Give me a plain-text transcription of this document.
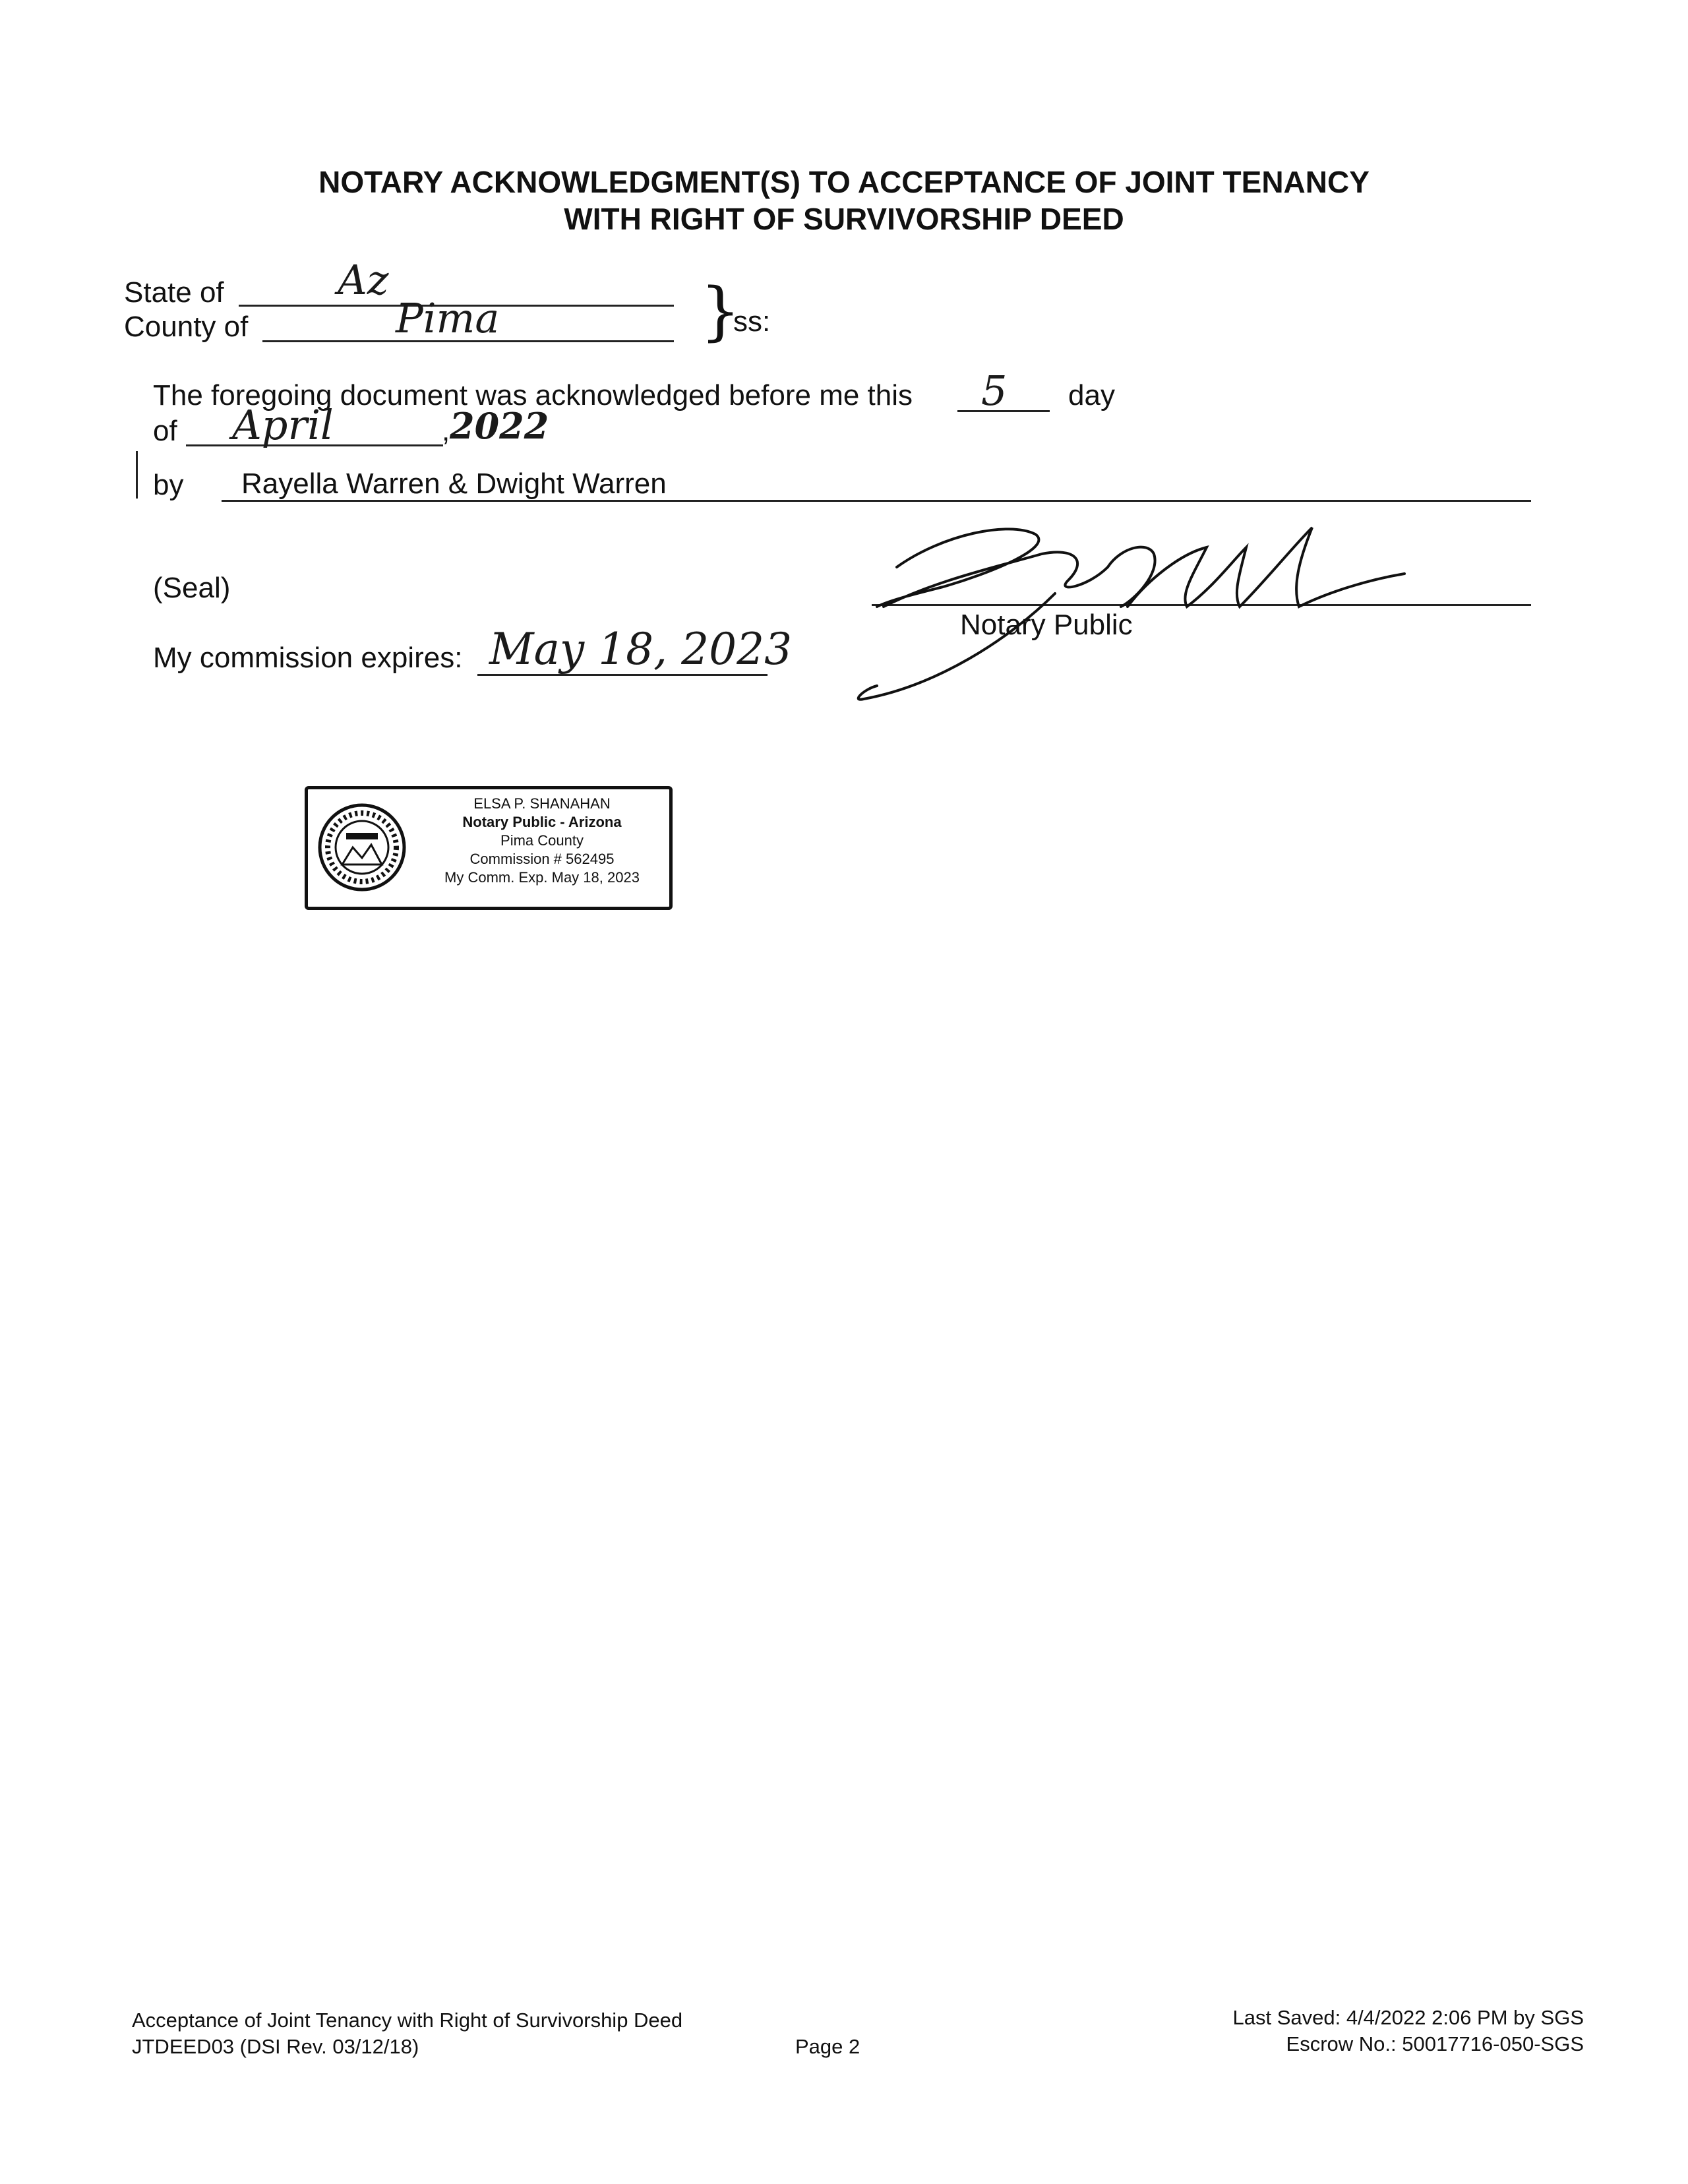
NOTARY ACKNOWLEDGMENT(S) TO ACCEPTANCE OF JOINT TENANCY
WITH RIGHT OF SURVIVORSHIP DEED
State of	Az
County of	Pima	}
ss:
The foregoing document was acknowledged before me this 5 day
of April	, 2022
by Rayella Warren & Dwight Warren
(Seal)
Notary Public
My commission expires: May 18, 2023
ELSA P. SHANAHAN
Notary Public - Arizona
Pima County
Commission # 562495
My Comm. Exp. May 18, 2023
Acceptance of Joint Tenancy with Right of Survivorship Deed
JTDEED03 (DSI Rev. 03/12/18)	Page 2
Last Saved: 4/4/2022 2:06 PM by SGS
Escrow No.: 50017716-050-SGS
